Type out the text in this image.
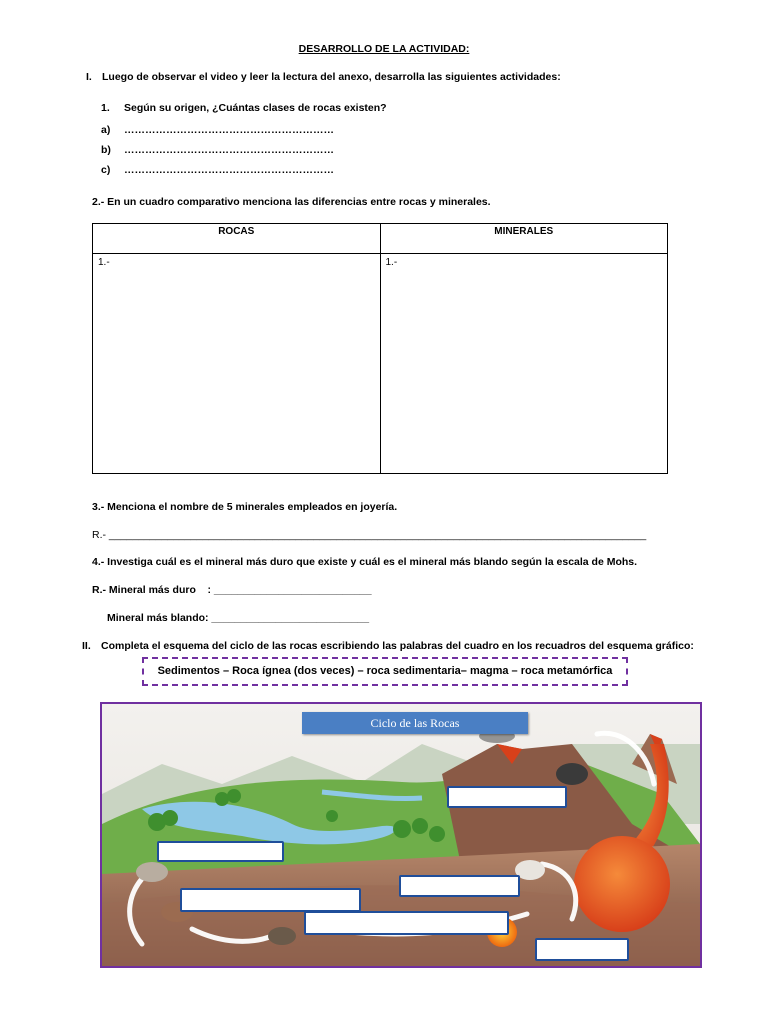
DESARROLLO DE LA ACTIVIDAD:
I. Luego de observar el video y leer la lectura del anexo, desarrolla las siguientes actividades:
1. Según su origen, ¿Cuántas clases de rocas existen?
a) ……………………………………………………
b) ……………………………………………………
c) ……………………………………………………
2.- En un cuadro comparativo menciona las diferencias entre rocas y minerales.
ROCAS	MINERALES
1.-	1.-
3.- Menciona el nombre de 5 minerales empleados en joyería.
R.- ____________________________________________________________________________________________
4.- Investiga cuál es el mineral más duro que existe y cuál es el mineral más blando según la escala de Mohs.
R.- Mineral más duro    : ___________________________
Mineral más blando: ___________________________
II. Completa el esquema del ciclo de las rocas escribiendo las palabras del cuadro en los recuadros del esquema gráfico:
Sedimentos – Roca ígnea (dos veces) – roca sedimentaria– magma – roca metamórfica
Ciclo de las Rocas
